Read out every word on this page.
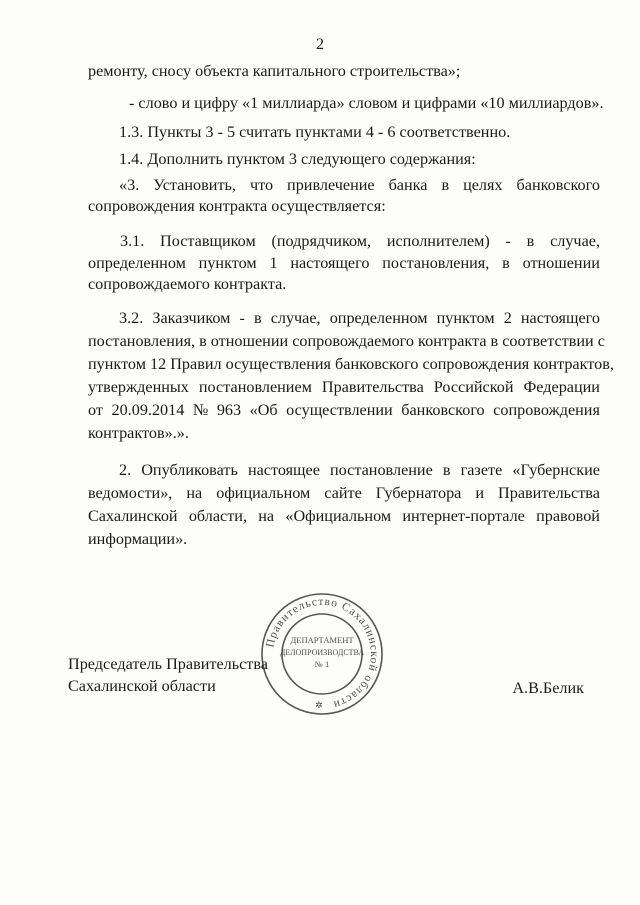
2
ремонту, сносу объекта капитального строительства»;
- слово и цифру «1 миллиарда» словом и цифрами «10 миллиардов».
1.3. Пункты 3 - 5 считать пунктами 4 - 6 соответственно.
1.4. Дополнить пунктом 3 следующего содержания:
«3. Установить, что привлечение банка в целях банковского
сопровождения контракта осуществляется:
3.1. Поставщиком (подрядчиком, исполнителем) - в случае,
определенном пунктом 1 настоящего постановления, в отношении
сопровождаемого контракта.
3.2. Заказчиком - в случае, определенном пунктом 2 настоящего
постановления, в отношении сопровождаемого контракта в соответствии с
пунктом 12 Правил осуществления банковского сопровождения контрактов,
утвержденных постановлением Правительства Российской Федерации
от 20.09.2014 № 963 «Об осуществлении банковского сопровождения
контрактов».».
2. Опубликовать настоящее постановление в газете «Губернские
ведомости», на официальном сайте Губернатора и Правительства
Сахалинской области, на «Официальном интернет-портале правовой
информации».
Правительство Сахалинской области
ДЕПАРТАМЕНТ
ДЕЛОПРОИЗВОДСТВА
№ 1
✲
Председатель Правительства
Сахалинской области	А.В.Белик
